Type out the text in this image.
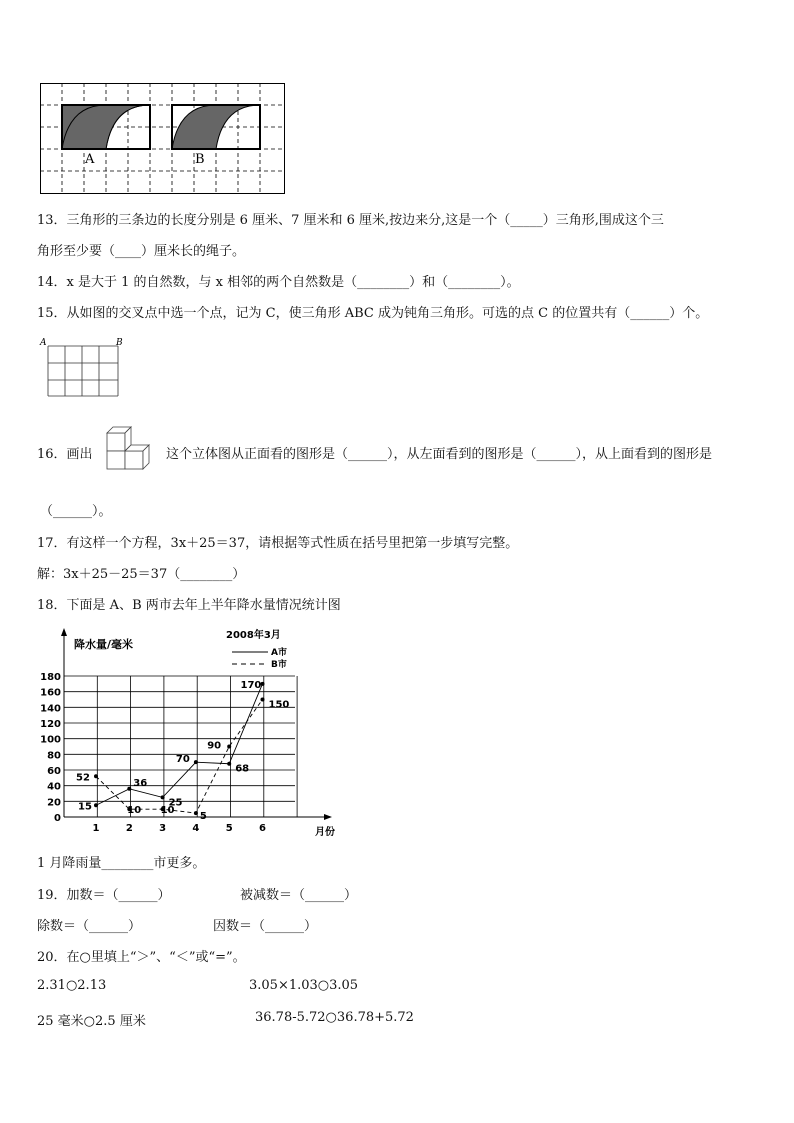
A	B
13．三角形的三条边的长度分别是 6 厘米、7 厘米和 6 厘米,按边来分,这是一个（_____）三角形,围成这个三
角形至少要（____）厘米长的绳子。
14．x 是大于 1 的自然数，与 x 相邻的两个自然数是（________）和（________）。
15．从如图的交叉点中选一个点，记为 C，使三角形 ABC 成为钝角三角形。可选的点 C 的位置共有（______）个。
A	B
16．画出	这个立体图从正面看的图形是（______），从左面看到的图形是（______），从上面看到的图形是
（______）。
17．有这样一个方程，3x＋25＝37，请根据等式性质在括号里把第一步填写完整。
解：3x＋25－25＝37（________）
18．下面是 A、B 两市去年上半年降水量情况统计图
0
20
40
60
80
100
120
140
160
180
1	2	3	4	5	6
15
36
25
70
68
170
52
10 10
5
90
150
降水量/毫米
2008年3月
月份
A市
B市
1 月降雨量________市更多。
19．加数＝（______）	被减数＝（______）
除数＝（______）	因数＝（______）
20．在○里填上“＞”、“＜”或“=”。
2.31○2.13	3.05×1.03○3.05
25 毫米○2.5 厘米	36.78-5.72○36.78+5.72
